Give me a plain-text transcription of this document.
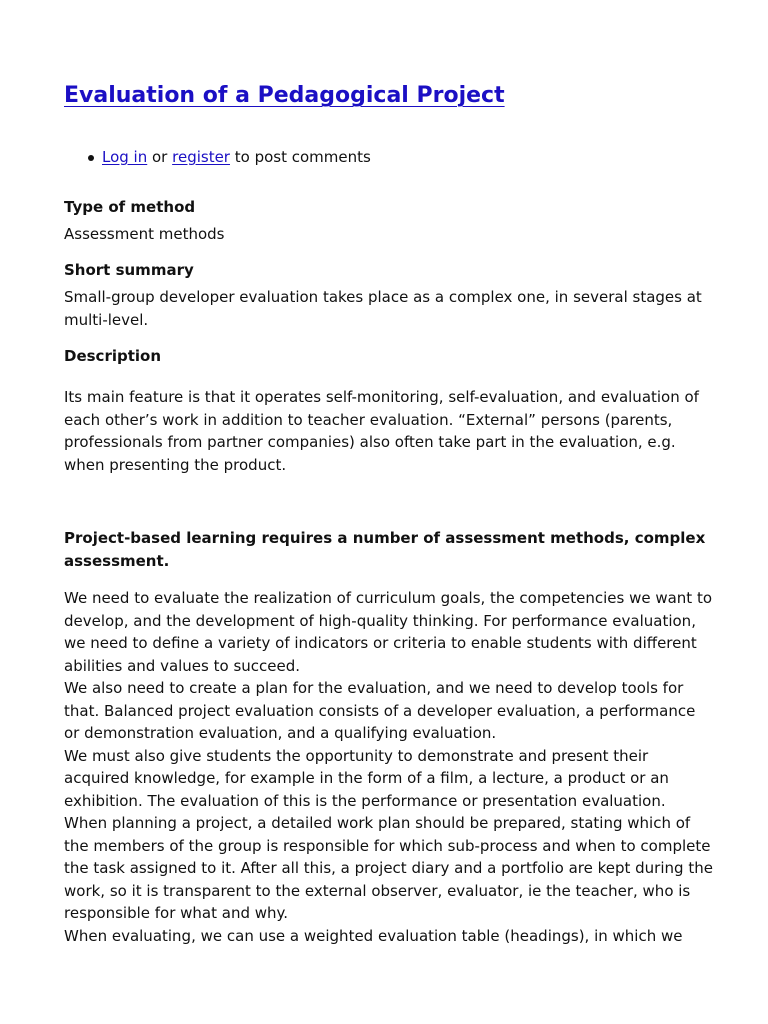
Evaluation of a Pedagogical Project
Log in or register to post comments
Type of method

Assessment methods

Short summary

Small-group developer evaluation takes place as a complex one, in several stages at multi-level.

Description

Its main feature is that it operates self-monitoring, self-evaluation, and evaluation of each other’s work in addition to teacher evaluation. “External” persons (parents, professionals from partner companies) also often take part in the evaluation, e.g. when presenting the product.

Project-based learning requires a number of assessment methods, complex assessment.

We need to evaluate the realization of curriculum goals, the competencies we want to develop, and the development of high-quality thinking. For performance evaluation, we need to define a variety of indicators or criteria to enable students with different abilities and values to succeed.
We also need to create a plan for the evaluation, and we need to develop tools for that. Balanced project evaluation consists of a developer evaluation, a performance or demonstration evaluation, and a qualifying evaluation.
We must also give students the opportunity to demonstrate and present their acquired knowledge, for example in the form of a film, a lecture, a product or an exhibition. The evaluation of this is the performance or presentation evaluation.
When planning a project, a detailed work plan should be prepared, stating which of the members of the group is responsible for which sub-process and when to complete the task assigned to it. After all this, a project diary and a portfolio are kept during the work, so it is transparent to the external observer, evaluator, ie the teacher, who is responsible for what and why.
When evaluating, we can use a weighted evaluation table (headings), in which we
